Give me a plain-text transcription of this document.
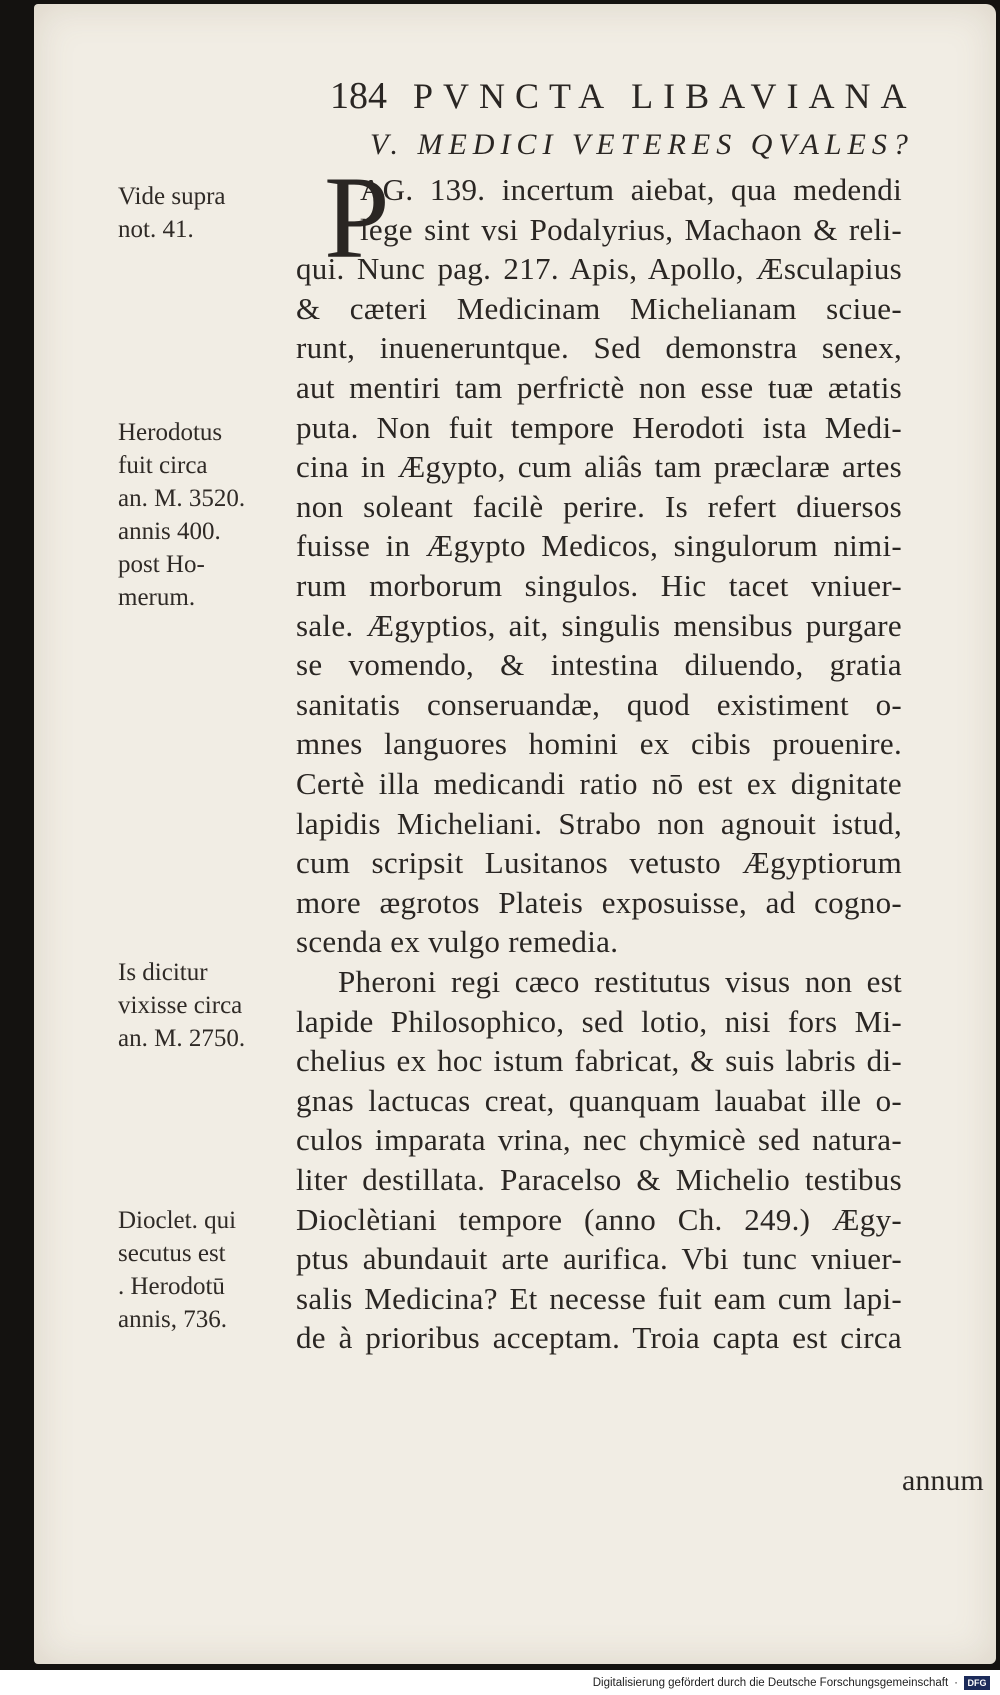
184 PVNCTA LIBAVIANA
V. MEDICI VETERES QVALES?
P
AG. 139. incertum aiebat, qua medendi
lege sint vsi Podalyrius, Machaon & reli-
qui. Nunc pag. 217. Apis, Apollo, Æsculapius
& cæteri Medicinam Michelianam sciue-
runt, inueneruntque. Sed demonstra senex,
aut mentiri tam perfrictè non esse tuæ ætatis
puta. Non fuit tempore Herodoti ista Medi-
cina in Ægypto, cum aliâs tam præclaræ artes
non soleant facilè perire. Is refert diuersos
fuisse in Ægypto Medicos, singulorum nimi-
rum morborum singulos. Hic tacet vniuer-
sale. Ægyptios, ait, singulis mensibus purgare
se vomendo, & intestina diluendo, gratia
sanitatis conseruandæ, quod existiment o-
mnes languores homini ex cibis prouenire.
Certè illa medicandi ratio nō est ex dignitate
lapidis Micheliani. Strabo non agnouit istud,
cum scripsit Lusitanos vetusto Ægyptiorum
more ægrotos Plateis exposuisse, ad cogno-
scenda ex vulgo remedia.
Pheroni regi cæco restitutus visus non est
lapide Philosophico, sed lotio, nisi fors Mi-
chelius ex hoc istum fabricat, & suis labris di-
gnas lactucas creat, quanquam lauabat ille o-
culos imparata vrina, nec chymicè sed natura-
liter destillata. Paracelso & Michelio testibus
Dioclètiani tempore (anno Ch. 249.) Ægy-
ptus abundauit arte aurifica. Vbi tunc vniuer-
salis Medicina? Et necesse fuit eam cum lapi-
de à prioribus acceptam. Troia capta est circa
Vide supra
not. 41.
Herodotus
fuit circa
an. M. 3520.
annis 400.
post Ho-
merum.
Is dicitur
vixisse circa
an. M. 2750.
Dioclet. qui
secutus est
. Herodotū
annis, 736.
annum
Digitalisierung gefördert durch die Deutsche Forschungsgemeinschaft ·	DFG
